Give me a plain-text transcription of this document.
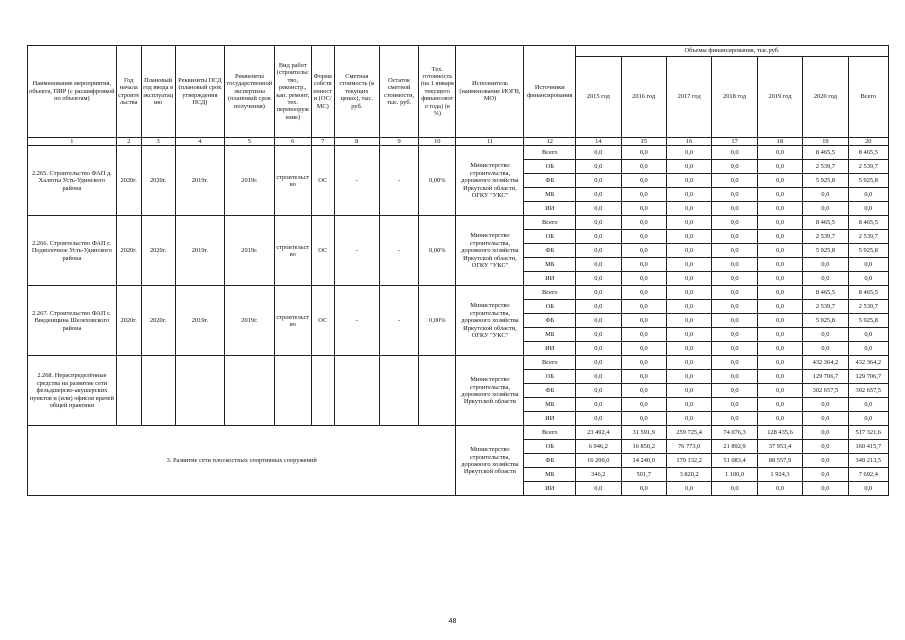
Наименование мероприятия, объекта, ПИР (с расшифровкой по объектам)	Год начала строительства	Плановый год ввода в эксплуатацию	Реквизиты ПСД (плановый срок утверждения ПСД)	Реквизиты государственной экспертизы (плановый срок получения)	Вид работ (строительство, реконстр., кап. ремонт, тех. перевооружение)	Форма собственности (ОС/МС)	Сметная стоимость (в текущих ценах), тыс. руб.	Остаток сметной стоимости, тыс. руб.	Тех. готовность (на 1 января текущего финансового года) (в %)	Исполнитель (наименование ИОГВ, МО)	Источники финансирования	Объемы финансирования, тыс.руб.						
												2015 год	2016 год	2017 год	2018 год	2019 год	2020 год	Всего
1	2	3	4	5	6	7	8	9	10	11	12	14	15	16	17	18	19	20
2.265. Строительство ФАП д. Халюты Усть-Удинского района	2020г.	2020г.	2019г.	2019г.	строительство	ОС	-	-	0,00%	Министерство строительства, дорожного хозяйства Иркутской области, ОГКУ "УКС"	Всего	0,0	0,0	0,0	0,0	0,0	8 465,5	8 465,5
											ОБ	0,0	0,0	0,0	0,0	0,0	2 539,7	2 539,7
											ФБ	0,0	0,0	0,0	0,0	0,0	5 925,8	5 925,8
											МБ	0,0	0,0	0,0	0,0	0,0	0,0	0,0
											ИИ	0,0	0,0	0,0	0,0	0,0	0,0	0,0
2.266. Строительство ФАП с. Подволочное Усть-Удинского района	2020г.	2020г.	2019г.	2019г.	строительство	ОС	-	-	0,00%	Министерство строительства, дорожного хозяйства Иркутской области, ОГКУ "УКС"	Всего	0,0	0,0	0,0	0,0	0,0	8 465,5	8 465,5
											ОБ	0,0	0,0	0,0	0,0	0,0	2 539,7	2 539,7
											ФБ	0,0	0,0	0,0	0,0	0,0	5 925,8	5 925,8
											МБ	0,0	0,0	0,0	0,0	0,0	0,0	0,0
											ИИ	0,0	0,0	0,0	0,0	0,0	0,0	0,0
2.267. Строительство ФАП с. Введенщина Шелеховского района	2020г.	2020г.	2019г.	2019г.	строительство	ОС	-	-	0,00%	Министерство строительства, дорожного хозяйства Иркутской области, ОГКУ "УКС"	Всего	0,0	0,0	0,0	0,0	0,0	8 465,5	8 465,5
											ОБ	0,0	0,0	0,0	0,0	0,0	2 539,7	2 539,7
											ФБ	0,0	0,0	0,0	0,0	0,0	5 925,8	5 925,8
											МБ	0,0	0,0	0,0	0,0	0,0	0,0	0,0
											ИИ	0,0	0,0	0,0	0,0	0,0	0,0	0,0
2.268. Нераспределённые средства на развитие сети фельдшерско-акушерских пунктов и (или) офисов врачей общей практики										Министерство строительства, дорожного хозяйства Иркутской области	Всего	0,0	0,0	0,0	0,0	0,0	432 364,2	432 364,2
											ОБ	0,0	0,0	0,0	0,0	0,0	129 706,7	129 706,7
											ФБ	0,0	0,0	0,0	0,0	0,0	302 657,5	302 657,5
											МБ	0,0	0,0	0,0	0,0	0,0	0,0	0,0
											ИИ	0,0	0,0	0,0	0,0	0,0	0,0	0,0
3. Развитие сети плоскостных спортивных сооружений										Министерство строительства, дорожного хозяйства Иркутской области	Всего	23 492,4	31 591,9	259 725,4	74 076,3	128 435,6	0,0	517 321,6
											ОБ	6 946,2	16 850,2	76 773,0	21 892,9	37 953,4	0,0	160 415,7
											ФБ	16 200,0	14 240,0	179 132,2	51 083,4	88 557,9	0,0	349 213,5
											МБ	346,2	501,7	3 820,2	1 100,0	1 924,3	0,0	7 692,4
											ИИ	0,0	0,0	0,0	0,0	0,0	0,0	0,0
48
